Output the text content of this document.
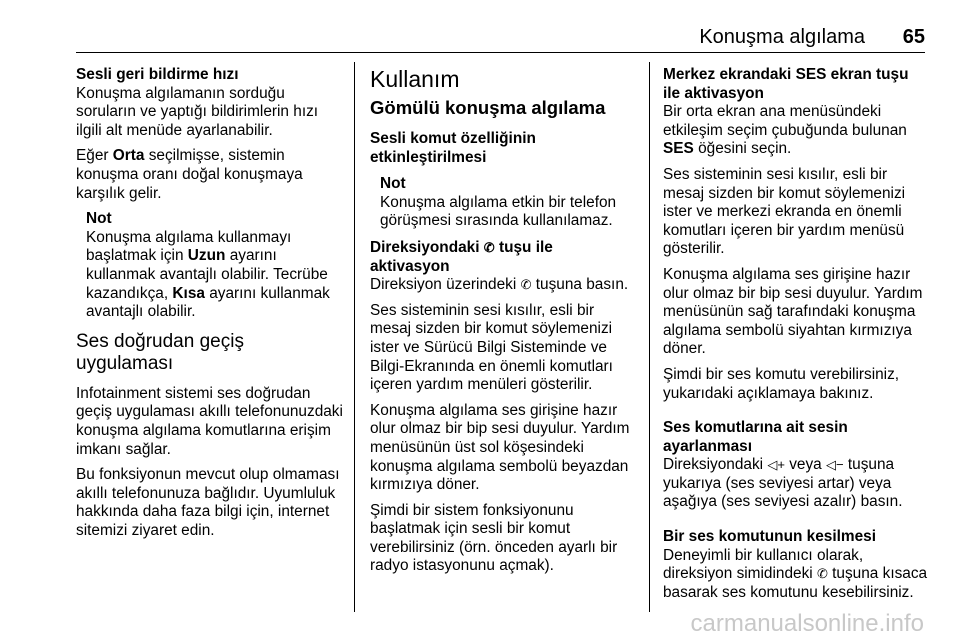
Konuşma algılama 65
Sesli geri bildirme hızı

Konuşma algılamanın sorduğu soruların ve yaptığı bildirimlerin hızı ilgili alt menüde ayarlanabilir.

Eğer Orta seçilmişse, sistemin konuşma oranı doğal konuşmaya karşılık gelir.

Not
Konuşma algılama kullanmayı başlatmak için Uzun ayarını kullanmak avantajlı olabilir. Tecrübe kazandıkça, Kısa ayarını kullanmak avantajlı olabilir.
Ses doğrudan geçiş uygulaması

Infotainment sistemi ses doğrudan geçiş uygulaması akıllı telefonunuzdaki konuşma algılama komutlarına erişim imkanı sağlar.

Bu fonksiyonun mevcut olup olmaması akıllı telefonunuza bağlıdır. Uyumluluk hakkında daha faza bilgi için, internet sitemizi ziyaret edin.

Kullanım
Gömülü konuşma algılama
Sesli komut özelliğinin etkinleştirilmesi
Not
Konuşma algılama etkin bir telefon görüşmesi sırasında kullanılamaz.
Direksiyondaki ✆ tuşu ile aktivasyon

Direksiyon üzerindeki ✆ tuşuna basın.

Ses sisteminin sesi kısılır, esli bir mesaj sizden bir komut söylemenizi ister ve Sürücü Bilgi Sisteminde ve Bilgi-Ekranında en önemli komutları içeren yardım menüleri gösterilir.

Konuşma algılama ses girişine hazır olur olmaz bir bip sesi duyulur. Yardım menüsünün üst sol köşesindeki konuşma algılama sembolü beyazdan kırmızıya döner.

Şimdi bir sistem fonksiyonunu başlatmak için sesli bir komut verebilirsiniz (örn. önceden ayarlı bir radyo istasyonunu açmak).

Merkez ekrandaki SES ekran tuşu ile aktivasyon

Bir orta ekran ana menüsündeki etkileşim seçim çubuğunda bulunan SES öğesini seçin.

Ses sisteminin sesi kısılır, esli bir mesaj sizden bir komut söylemenizi ister ve merkezi ekranda en önemli komutları içeren bir yardım menüsü gösterilir.

Konuşma algılama ses girişine hazır olur olmaz bir bip sesi duyulur. Yardım menüsünün sağ tarafındaki konuşma algılama sembolü siyahtan kırmızıya döner.

Şimdi bir ses komutu verebilirsiniz, yukarıdaki açıklamaya bakınız.

Ses komutlarına ait sesin ayarlanması

Direksiyondaki ◁+ veya ◁− tuşuna yukarıya (ses seviyesi artar) veya aşağıya (ses seviyesi azalır) basın.

Bir ses komutunun kesilmesi

Deneyimli bir kullanıcı olarak, direksiyon simidindeki ✆ tuşuna kısaca basarak ses komutunu kesebilirsiniz.

carmanualsonline.info
